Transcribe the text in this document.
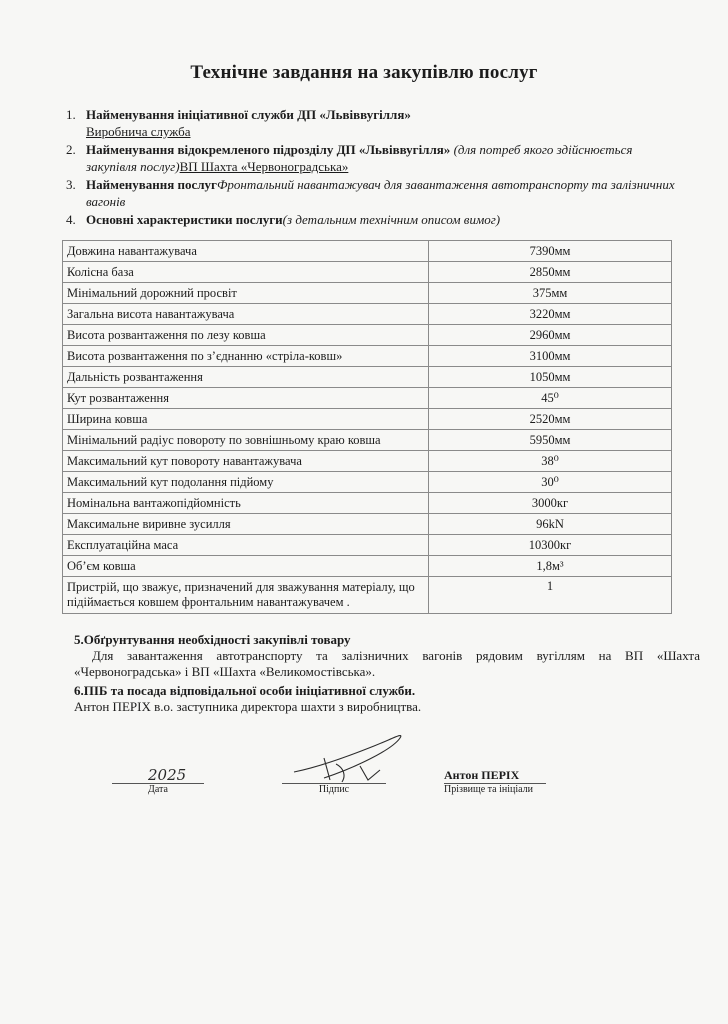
Технічне завдання на закупівлю послуг
1. Найменування ініціативної служби ДП «Львіввугілля»
Виробнича служба
2. Найменування відокремленого підрозділу ДП «Львіввугілля» (для потреб якого здійснюється закупівля послуг)ВП Шахта «Червоноградська»
3. Найменування послугФронтальний навантажувач для завантаження автотранспорту та залізничних вагонів
4. Основні характеристики послуги(з детальним технічним описом вимог)
Довжина навантажувача	7390мм
Колісна база	2850мм
Мінімальний дорожний просвіт	375мм
Загальна висота навантажувача	3220мм
Висота розвантаження по лезу ковша	2960мм
Висота розвантаження по з’єднанню «стріла-ковш»	3100мм
Дальність розвантаження	1050мм
Кут розвантаження	45⁰
Ширина ковша	2520мм
Мінімальний радіус повороту по зовнішньому краю ковша	5950мм
Максимальний кут повороту навантажувача	38⁰
Максимальний кут подолання підйому	30⁰
Номінальна вантажопідйомність	3000кг
Максимальне виривне зусилля	96kN
Експлуатаційна маса	10300кг
Об’єм ковша	1,8м³
Пристрій, що зважує, призначений для зважування матеріалу, що підіймається ковшем фронтальним навантажувачем .	1
5.Обґрунтування необхідності закупівлі товару
Для завантаження автотранспорту та залізничних вагонів рядовим вугіллям на ВП «Шахта «Червоноградська» і ВП «Шахта «Великомостівська».
6.ПІБ та посада відповідальної особи ініціативної служби.
Антон ПЕРІХ в.о. заступника директора шахти з виробництва.
2025
Дата	Підпис
Антон ПЕРІХ
Прізвище та ініціали
